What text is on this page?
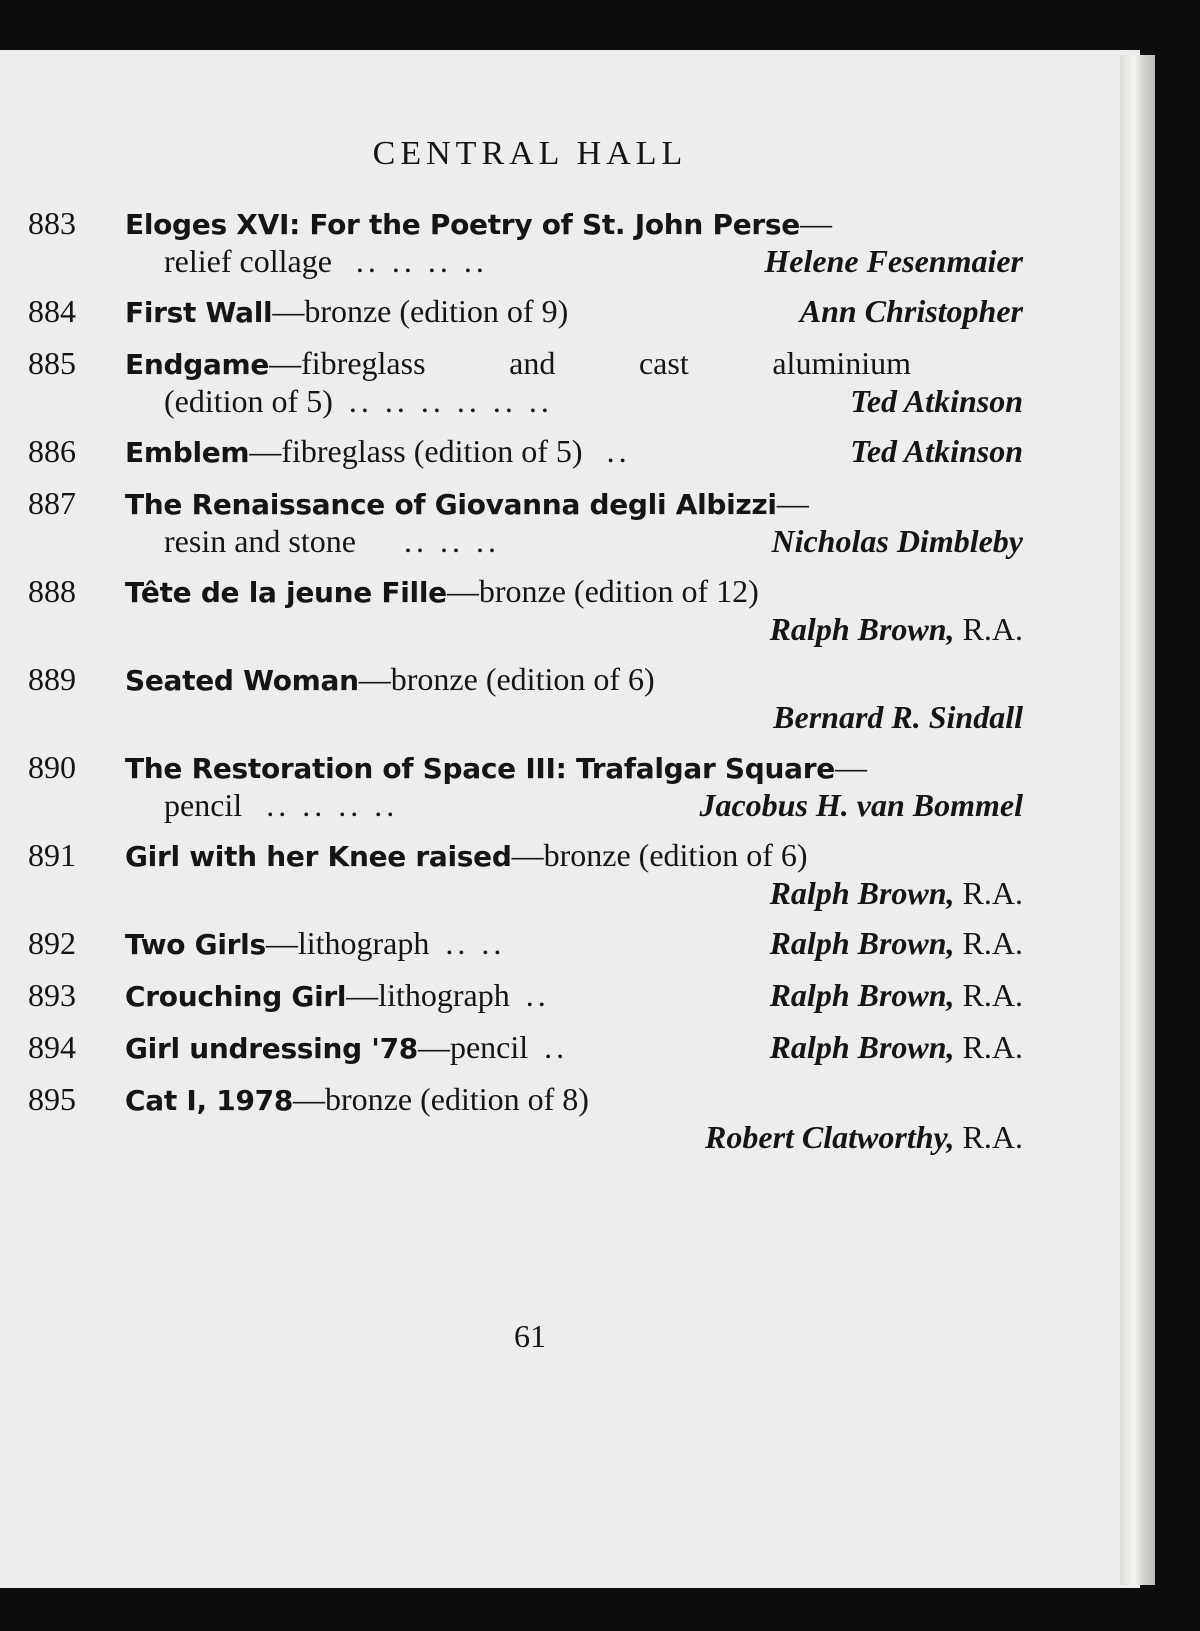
CENTRAL HALL
883 Eloges XVI: For the Poetry of St. John Perse—
relief collage .. .. .. ..	Helene Fesenmaier
884 First Wall—bronze (edition of 9)	Ann Christopher
885 Endgame—fibreglass	and	cast	aluminium
(edition of 5) .. .. .. .. .. ..	Ted Atkinson
886 Emblem—fibreglass (edition of 5) ..	Ted Atkinson
887 The Renaissance of Giovanna degli Albizzi—
resin and stone .. .. ..	Nicholas Dimbleby
888 Tête de la jeune Fille—bronze (edition of 12)
Ralph Brown, R.A.
889 Seated Woman—bronze (edition of 6)
Bernard R. Sindall
890 The Restoration of Space III: Trafalgar Square—
pencil .. .. .. ..	Jacobus H. van Bommel
891 Girl with her Knee raised—bronze (edition of 6)
Ralph Brown, R.A.
892 Two Girls—lithograph .. ..	Ralph Brown, R.A.
893 Crouching Girl—lithograph ..	Ralph Brown, R.A.
894 Girl undressing '78—pencil ..	Ralph Brown, R.A.
895 Cat I, 1978—bronze (edition of 8)
Robert Clatworthy, R.A.
61
